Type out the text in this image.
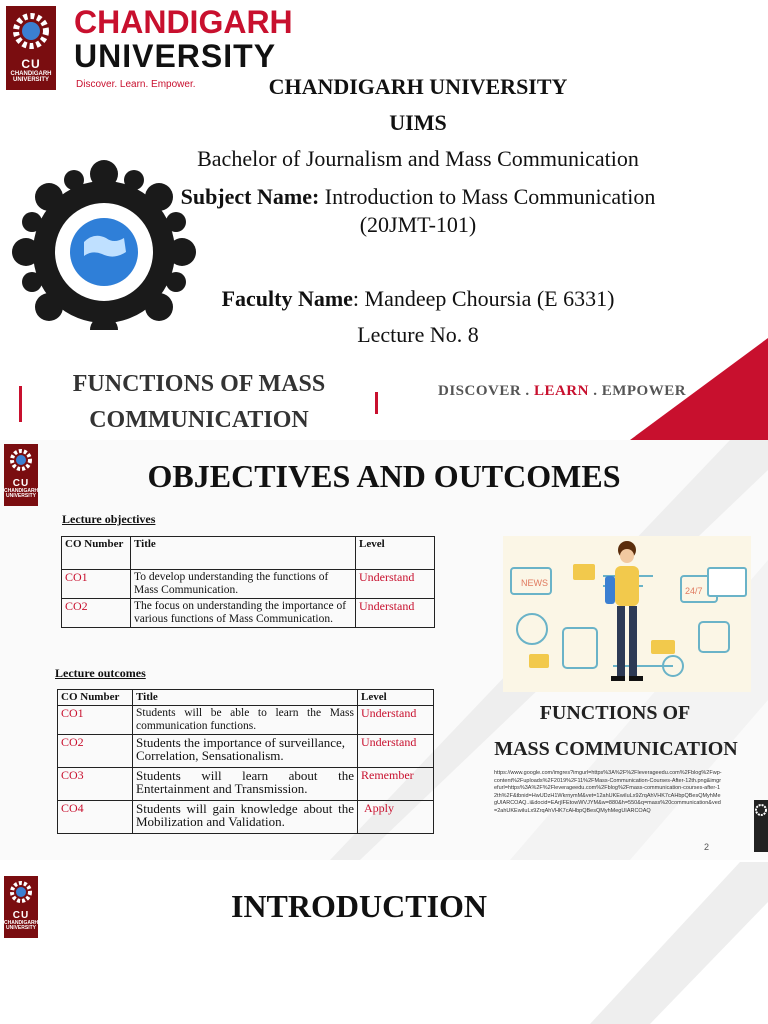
CU
CHANDIGARH UNIVERSITY
CHANDIGARH
UNIVERSITY
Discover. Learn. Empower.	CHANDIGARH UNIVERSITY
UIMS
Bachelor of Journalism and Mass Communication
Subject Name: Introduction to Mass Communication
(20JMT-101)
Faculty Name: Mandeep Choursia (E 6331)
Lecture No. 8
FUNCTIONS OF MASS
COMMUNICATION
DISCOVER . LEARN . EMPOWER
CU
CHANDIGARH UNIVERSITY
OBJECTIVES AND OUTCOMES
Lecture objectives
CO Number	Title	Level
CO1	To develop understanding the functions of Mass Communication.	Understand
CO2	The focus on understanding the importance of various functions of Mass Communication.	Understand
Lecture outcomes
CO Number	Title	Level
CO1	Students will be able to learn the Mass communication functions.	Understand
CO2	Students the importance of surveillance, Correlation, Sensationalism.	Understand
CO3	Students will learn about the Entertainment and Transmission.	Remember
CO4	Students will gain knowledge about the Mobilization and Validation.	Apply
NEWS
24/7
FUNCTIONS OF
MASS COMMUNICATION
https://www.google.com/imgres?imgurl=https%3A%2F%2Fleverageedu.com%2Fblog%2Fwp-content%2Fuploads%2F2019%2F11%2FMass-Communication-Courses-After-12th.png&imgrefurl=https%3A%2F%2Fleverageedu.com%2Fblog%2Fmass-communication-courses-after-12th%2F&tbnid=HwUDzH1WkrnymM&vet=12ahUKEwiIuLx9ZrqAhVHK7cAHbpQBesQMyhMegUIARCOAQ..i&docid=EArjIFEtowWVJYM&w=880&h=550&q=mass%20communication&ved=2ahUKEwiIuLx9ZrqAhVHK7cAHbpQBesQMyhMegUIARCOAQ
2
CU
CHANDIGARH UNIVERSITY
INTRODUCTION
